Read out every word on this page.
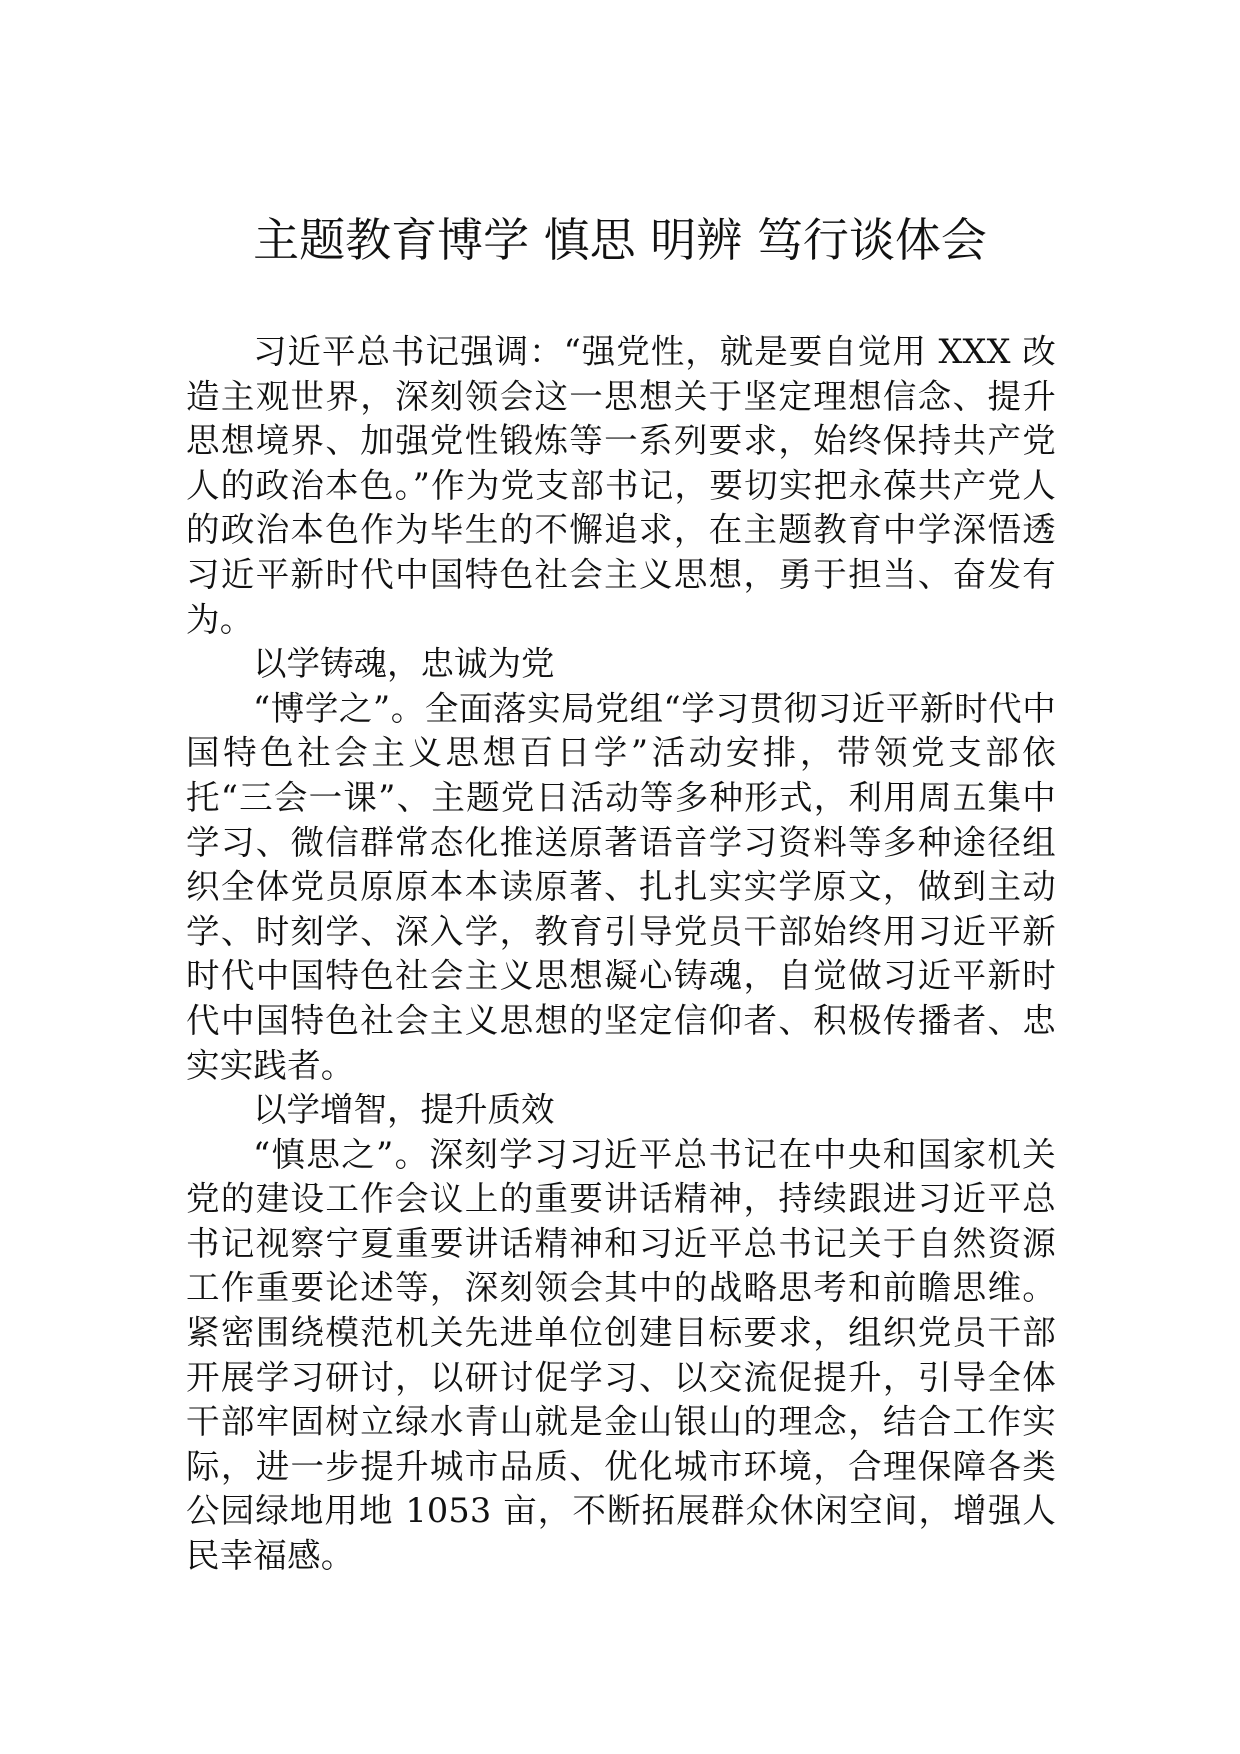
主题教育博学 慎思 明辨 笃行谈体会

习近平总书记强调：“强党性，就是要自觉用 XXX 改造主观世界，深刻领会这一思想关于坚定理想信念、提升思想境界、加强党性锻炼等一系列要求，始终保持共产党人的政治本色。”作为党支部书记，要切实把永葆共产党人的政治本色作为毕生的不懈追求，在主题教育中学深悟透习近平新时代中国特色社会主义思想，勇于担当、奋发有为。

以学铸魂，忠诚为党

“博学之”。全面落实局党组“学习贯彻习近平新时代中国特色社会主义思想百日学”活动安排，带领党支部依托“三会一课”、主题党日活动等多种形式，利用周五集中学习、微信群常态化推送原著语音学习资料等多种途径组织全体党员原原本本读原著、扎扎实实学原文，做到主动学、时刻学、深入学，教育引导党员干部始终用习近平新时代中国特色社会主义思想凝心铸魂，自觉做习近平新时代中国特色社会主义思想的坚定信仰者、积极传播者、忠实实践者。

以学增智，提升质效

“慎思之”。深刻学习习近平总书记在中央和国家机关党的建设工作会议上的重要讲话精神，持续跟进习近平总书记视察宁夏重要讲话精神和习近平总书记关于自然资源工作重要论述等，深刻领会其中的战略思考和前瞻思维。紧密围绕模范机关先进单位创建目标要求，组织党员干部开展学习研讨，以研讨促学习、以交流促提升，引导全体干部牢固树立绿水青山就是金山银山的理念，结合工作实际，进一步提升城市品质、优化城市环境，合理保障各类公园绿地用地 1053 亩，不断拓展群众休闲空间，增强人民幸福感。
